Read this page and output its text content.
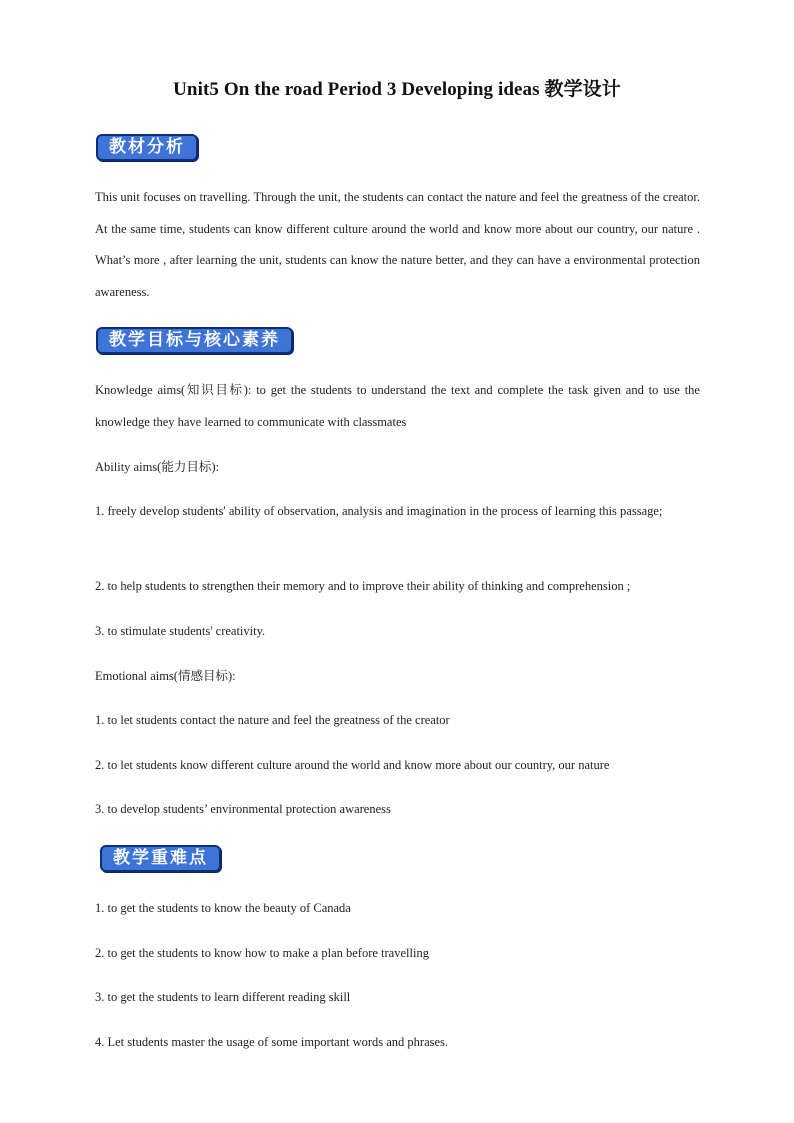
Unit5 On the road Period 3 Developing ideas 教学设计
教材分析
This unit focuses on travelling. Through the unit, the students can contact the nature and feel the greatness of the creator. At the same time, students can know different culture around the world and know more about our country, our nature . What’s more , after learning the unit, students can know the nature better, and they can have a environmental protection awareness.
教学目标与核心素养
Knowledge aims(知识目标): to get the students to understand the text and complete the task given and to use the knowledge they have learned to communicate with classmates
Ability aims(能力目标):
1. freely develop students' ability of observation, analysis and imagination in the process of learning this passage;
2. to help students to strengthen their memory and to improve their ability of thinking and comprehension ;
3. to stimulate students' creativity.
Emotional aims(情感目标):
1. to let students contact the nature and feel the greatness of the creator
2. to let students know different culture around the world and know more about our country, our nature
3. to develop students’ environmental protection awareness
教学重难点
1. to get the students to know the beauty of Canada
2. to get the students to know how to make a plan before travelling
3. to get the students to learn different reading skill
4. Let students master the usage of some important words and phrases.
